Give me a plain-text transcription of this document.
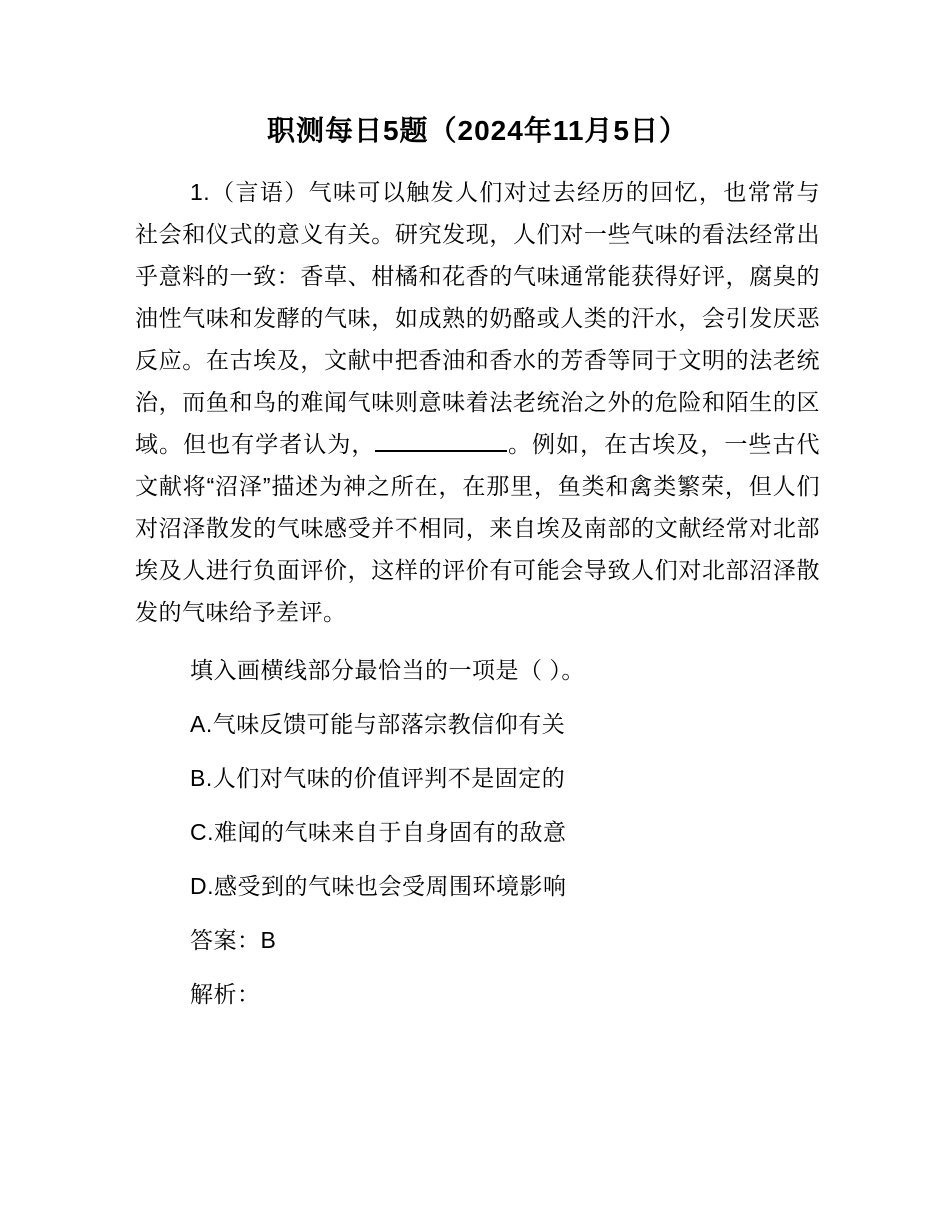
职测每日5题（2024年11月5日）

1.（言语）气味可以触发人们对过去经历的回忆，也常常与社会和仪式的意义有关。研究发现，人们对一些气味的看法经常出乎意料的一致：香草、柑橘和花香的气味通常能获得好评，腐臭的油性气味和发酵的气味，如成熟的奶酪或人类的汗水，会引发厌恶反应。在古埃及，文献中把香油和香水的芳香等同于文明的法老统治，而鱼和鸟的难闻气味则意味着法老统治之外的危险和陌生的区域。但也有学者认为，	。例如，在古埃及，一些古代文献将“沼泽”描述为神之所在，在那里，鱼类和禽类繁荣，但人们对沼泽散发的气味感受并不相同，来自埃及南部的文献经常对北部埃及人进行负面评价，这样的评价有可能会导致人们对北部沼泽散发的气味给予差评。

填入画横线部分最恰当的一项是（ ）。

A.气味反馈可能与部落宗教信仰有关

B.人们对气味的价值评判不是固定的

C.难闻的气味来自于自身固有的敌意

D.感受到的气味也会受周围环境影响

答案：B

解析：
